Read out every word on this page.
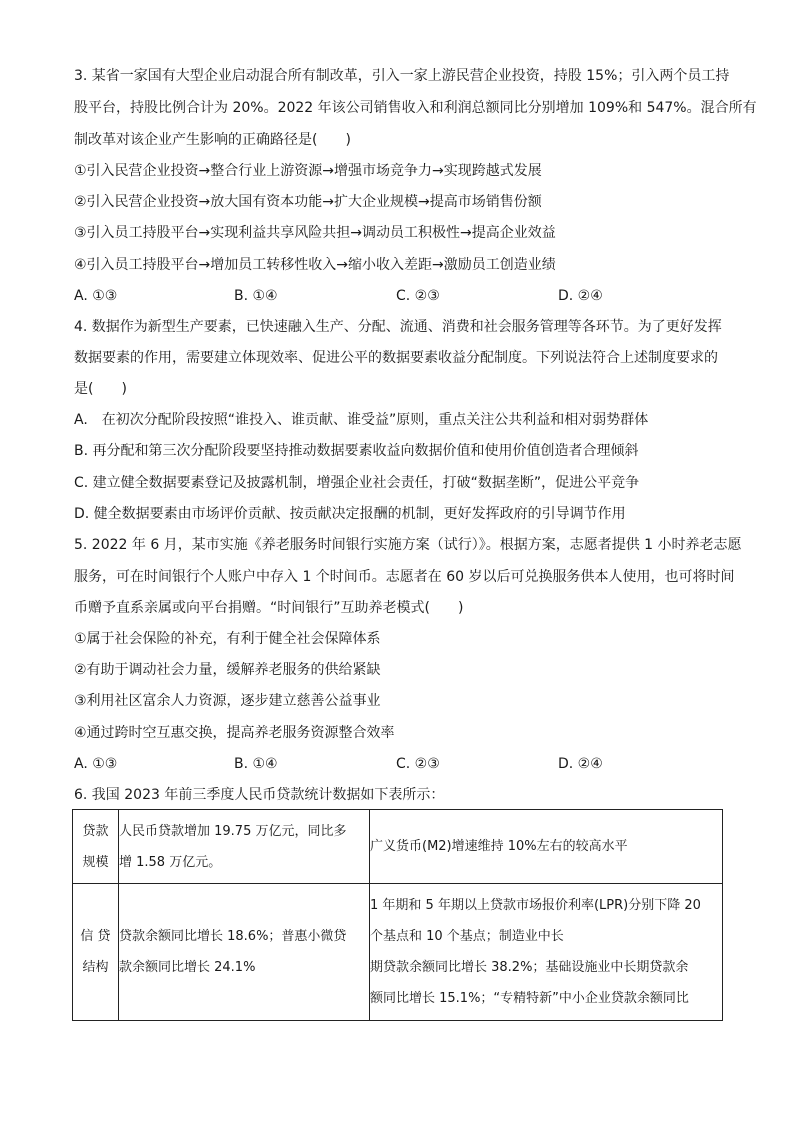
3. 某省一家国有大型企业启动混合所有制改革，引入一家上游民营企业投资，持股 15%；引入两个员工持
股平台，持股比例合计为 20%。2022 年该公司销售收入和利润总额同比分别增加 109%和 547%。混合所有
制改革对该企业产生影响的正确路径是(　　)
①引入民营企业投资→整合行业上游资源→增强市场竞争力→实现跨越式发展
②引入民营企业投资→放大国有资本功能→扩大企业规模→提高市场销售份额
③引入员工持股平台→实现利益共享风险共担→调动员工积极性→提高企业效益
④引入员工持股平台→增加员工转移性收入→缩小收入差距→激励员工创造业绩
A. ①③	B. ①④	C. ②③	D. ②④
4. 数据作为新型生产要素，已快速融入生产、分配、流通、消费和社会服务管理等各环节。为了更好发挥
数据要素的作用，需要建立体现效率、促进公平的数据要素收益分配制度。下列说法符合上述制度要求的
是(　　)
A.　在初次分配阶段按照“谁投入、谁贡献、谁受益”原则，重点关注公共利益和相对弱势群体
B. 再分配和第三次分配阶段要坚持推动数据要素收益向数据价值和使用价值创造者合理倾斜
C. 建立健全数据要素登记及披露机制，增强企业社会责任，打破“数据垄断”，促进公平竞争
D. 健全数据要素由市场评价贡献、按贡献决定报酬的机制，更好发挥政府的引导调节作用
5. 2022 年 6 月，某市实施《养老服务时间银行实施方案（试行）》。根据方案，志愿者提供 1 小时养老志愿
服务，可在时间银行个人账户中存入 1 个时间币。志愿者在 60 岁以后可兑换服务供本人使用，也可将时间
币赠予直系亲属或向平台捐赠。“时间银行”互助养老模式(　　)
①属于社会保险的补充，有利于健全社会保障体系
②有助于调动社会力量，缓解养老服务的供给紧缺
③利用社区富余人力资源，逐步建立慈善公益事业
④通过跨时空互惠交换，提高养老服务资源整合效率
A. ①③	B. ①④	C. ②③	D. ②④
6. 我国 2023 年前三季度人民币贷款统计数据如下表所示：
贷款
规模	人民币贷款增加 19.75 万亿元，同比多
增 1.58 万亿元。	广义货币(M2)增速维持 10%左右的较高水平

信 贷
结构	贷款余额同比增长 18.6%；普惠小微贷
款余额同比增长 24.1%	1 年期和 5 年期以上贷款市场报价利率(LPR)分别下降 20
个基点和 10 个基点；制造业中长
期贷款余额同比增长 38.2%；基础设施业中长期贷款余
额同比增长 15.1%；“专精特新”中小企业贷款余额同比
